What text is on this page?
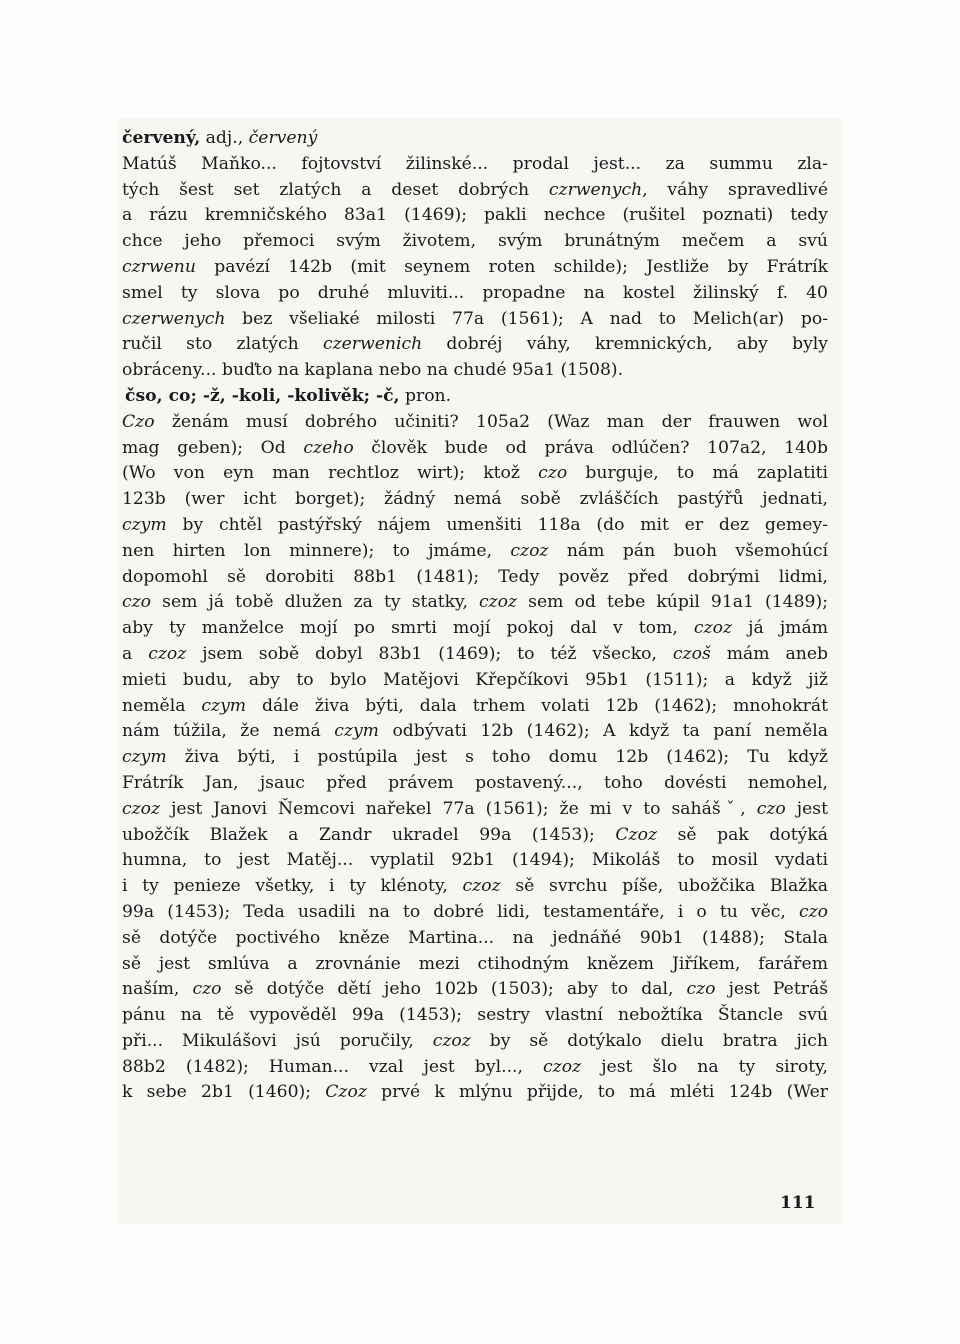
červený, adj., červený
Matúš Maňko... fojtovství žilinské... prodal jest... za summu zla-
tých šest set zlatých a deset dobrých czrwenych, váhy spravedlivé
a rázu kremničského 83a1 (1469); pakli nechce (rušitel poznati) tedy
chce jeho přemoci svým životem, svým brunátným mečem a svú
czrwenu pavézí 142b (mit seynem roten schilde); Jestliže by Frátrík
smel ty slova po druhé mluviti... propadne na kostel žilinský f. 40
czerwenych bez všeliaké milosti 77a (1561); A nad to Melich(ar) po-
ručil sto zlatých czerwenich dobréj váhy, kremnických, aby byly
obráceny... buďto na kaplana nebo na chudé 95a1 (1508).
čso, co; -ž, -koli, -kolivěk; -č, pron.
Czo ženám musí dobrého učiniti? 105a2 (Waz man der frauwen wol
mag geben); Od czeho člověk bude od práva odlúčen? 107a2, 140b
(Wo von eyn man rechtloz wirt); ktož czo burguje, to má zaplatiti
123b (wer icht borget); žádný nemá sobě zvláščích pastýřů jednati,
czym by chtěl pastýřský nájem umenšiti 118a (do mit er dez gemey-
nen hirten lon minnere); to jmáme, czoz nám pán buoh všemohúcí
dopomohl sě dorobiti 88b1 (1481); Tedy pověz před dobrými lidmi,
czo sem já tobě dlužen za ty statky, czoz sem od tebe kúpil 91a1 (1489);
aby ty manželce mojí po smrti mojí pokoj dal v tom, czoz já jmám
a czoz jsem sobě dobyl 83b1 (1469); to též všecko, czoš mám aneb
mieti budu, aby to bylo Matějovi Křepčíkovi 95b1 (1511); a když již
neměla czym dále živa býti, dala trhem volati 12b (1462); mnohokrát
nám túžila, že nemá czym odbývati 12b (1462); A když ta paní neměla
czym živa býti, i postúpila jest s toho domu 12b (1462); Tu když
Frátrík Jan, jsauc před právem postavený..., toho dovésti nemohel,
czoz jest Janovi Ňemcovi nařekel 77a (1561); že mi v to sahášˇ, czo jest
ubožčík Blažek a Zandr ukradel 99a (1453); Czoz sě pak dotýká
humna, to jest Matěj... vyplatil 92b1 (1494); Mikoláš to mosil vydati
i ty penieze všetky, i ty klénoty, czoz sě svrchu píše, ubožčika Blažka
99a (1453); Teda usadili na to dobré lidi, testamentáře, i o tu věc, czo
sě dotýče poctivého kněze Martina... na jednáňé 90b1 (1488); Stala
sě jest smlúva a zrovnánie mezi ctihodným knězem Jiříkem, farářem
naším, czo sě dotýče dětí jeho 102b (1503); aby to dal, czo jest Petráš
pánu na tě vypověděl 99a (1453); sestry vlastní nebožtíka Štancle svú
při... Mikulášovi jsú poručily, czoz by sě dotýkalo dielu bratra jich
88b2 (1482); Human... vzal jest byl..., czoz jest šlo na ty siroty,
k sebe 2b1 (1460); Czoz prvé k mlýnu přijde, to má mléti 124b (Wer
111
